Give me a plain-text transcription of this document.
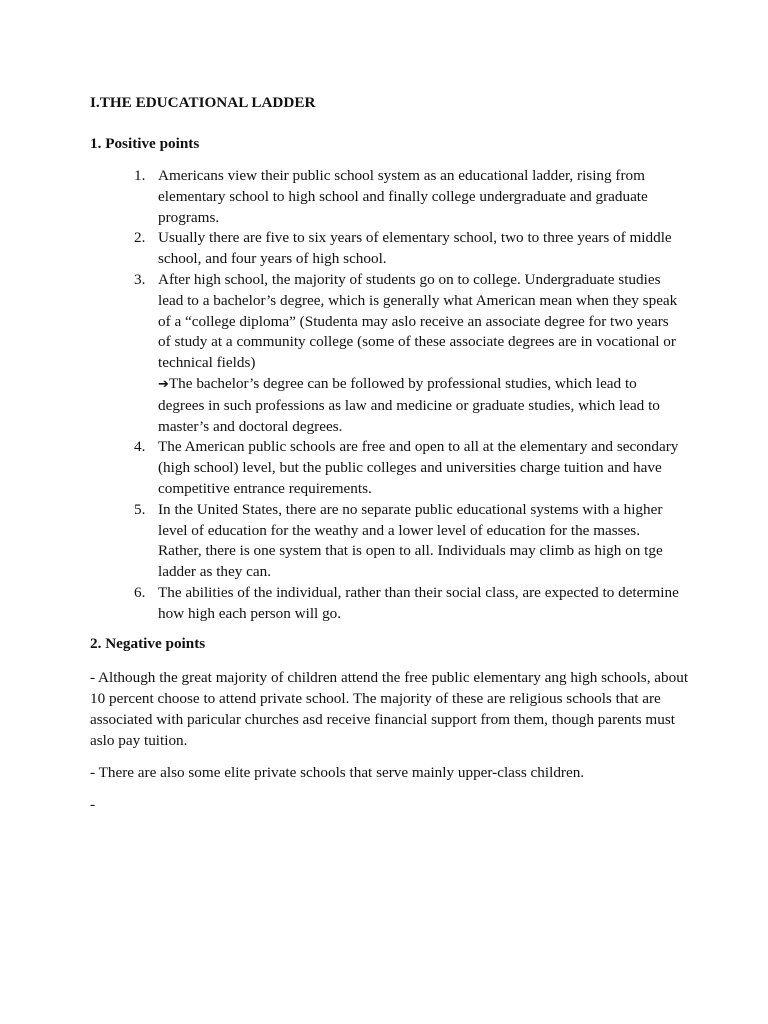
I.THE EDUCATIONAL LADDER
1. Positive points
1. Americans view their public school system as an educational ladder, rising from elementary school to high school and finally college undergraduate and graduate programs.
2. Usually there are five to six years of elementary school, two to three years of middle school, and four years of high school.
3. After high school, the majority of students go on to college. Undergraduate studies lead to a bachelor’s degree, which is generally what American mean when they speak of a “college diploma” (Studenta may aslo receive an associate degree for two years of study at a community college (some of these associate degrees are in vocational or technical fields)
➔The bachelor’s degree can be followed by professional studies, which lead to degrees in such professions as law and medicine or graduate studies, which lead to master’s and doctoral degrees.
4. The American public schools are free and open to all at the elementary and secondary (high school) level, but the public colleges and universities charge tuition and have competitive entrance requirements.
5. In the United States, there are no separate public educational systems with a higher level of education for the weathy and a lower level of education for the masses. Rather, there is one system that is open to all. Individuals may climb as high on tge ladder as they can.
6. The abilities of the individual, rather than their social class, are expected to determine how high each person will go.
2. Negative points

- Although the great majority of children attend the free public elementary ang high schools, about 10 percent choose to attend private school. The majority of these are religious schools that are associated with paricular churches asd receive financial support from them, though parents must aslo pay tuition.

- There are also some elite private schools that serve mainly upper-class children.

-
